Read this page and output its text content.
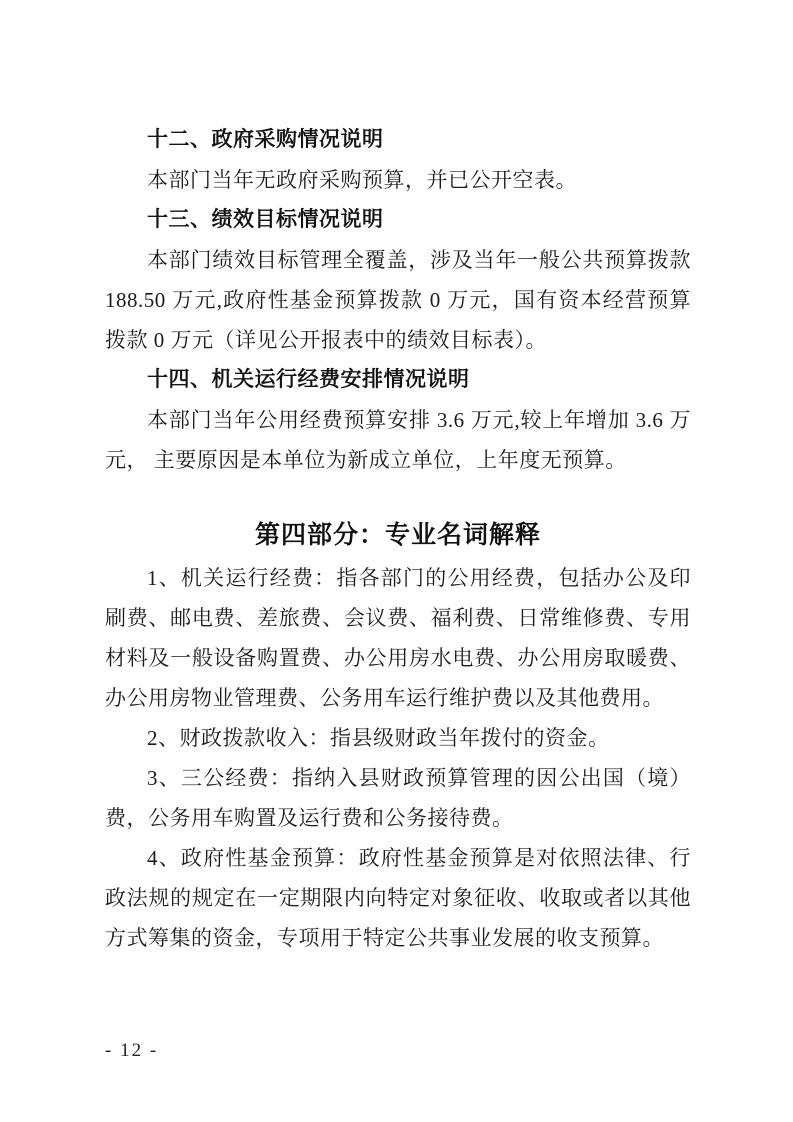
十二、政府采购情况说明

本部门当年无政府采购预算，并已公开空表。

十三、绩效目标情况说明

本部门绩效目标管理全覆盖，涉及当年一般公共预算拨款 188.50 万元,政府性基金预算拨款 0 万元，国有资本经营预算拨款 0 万元（详见公开报表中的绩效目标表）。

十四、机关运行经费安排情况说明

本部门当年公用经费预算安排 3.6 万元,较上年增加 3.6 万元， 主要原因是本单位为新成立单位，上年度无预算。

第四部分：专业名词解释

1、机关运行经费：指各部门的公用经费，包括办公及印刷费、邮电费、差旅费、会议费、福利费、日常维修费、专用材料及一般设备购置费、办公用房水电费、办公用房取暖费、办公用房物业管理费、公务用车运行维护费以及其他费用。

2、财政拨款收入：指县级财政当年拨付的资金。

3、三公经费：指纳入县财政预算管理的因公出国（境）费，公务用车购置及运行费和公务接待费。

4、政府性基金预算：政府性基金预算是对依照法律、行政法规的规定在一定期限内向特定对象征收、收取或者以其他方式筹集的资金，专项用于特定公共事业发展的收支预算。

- 12 -
